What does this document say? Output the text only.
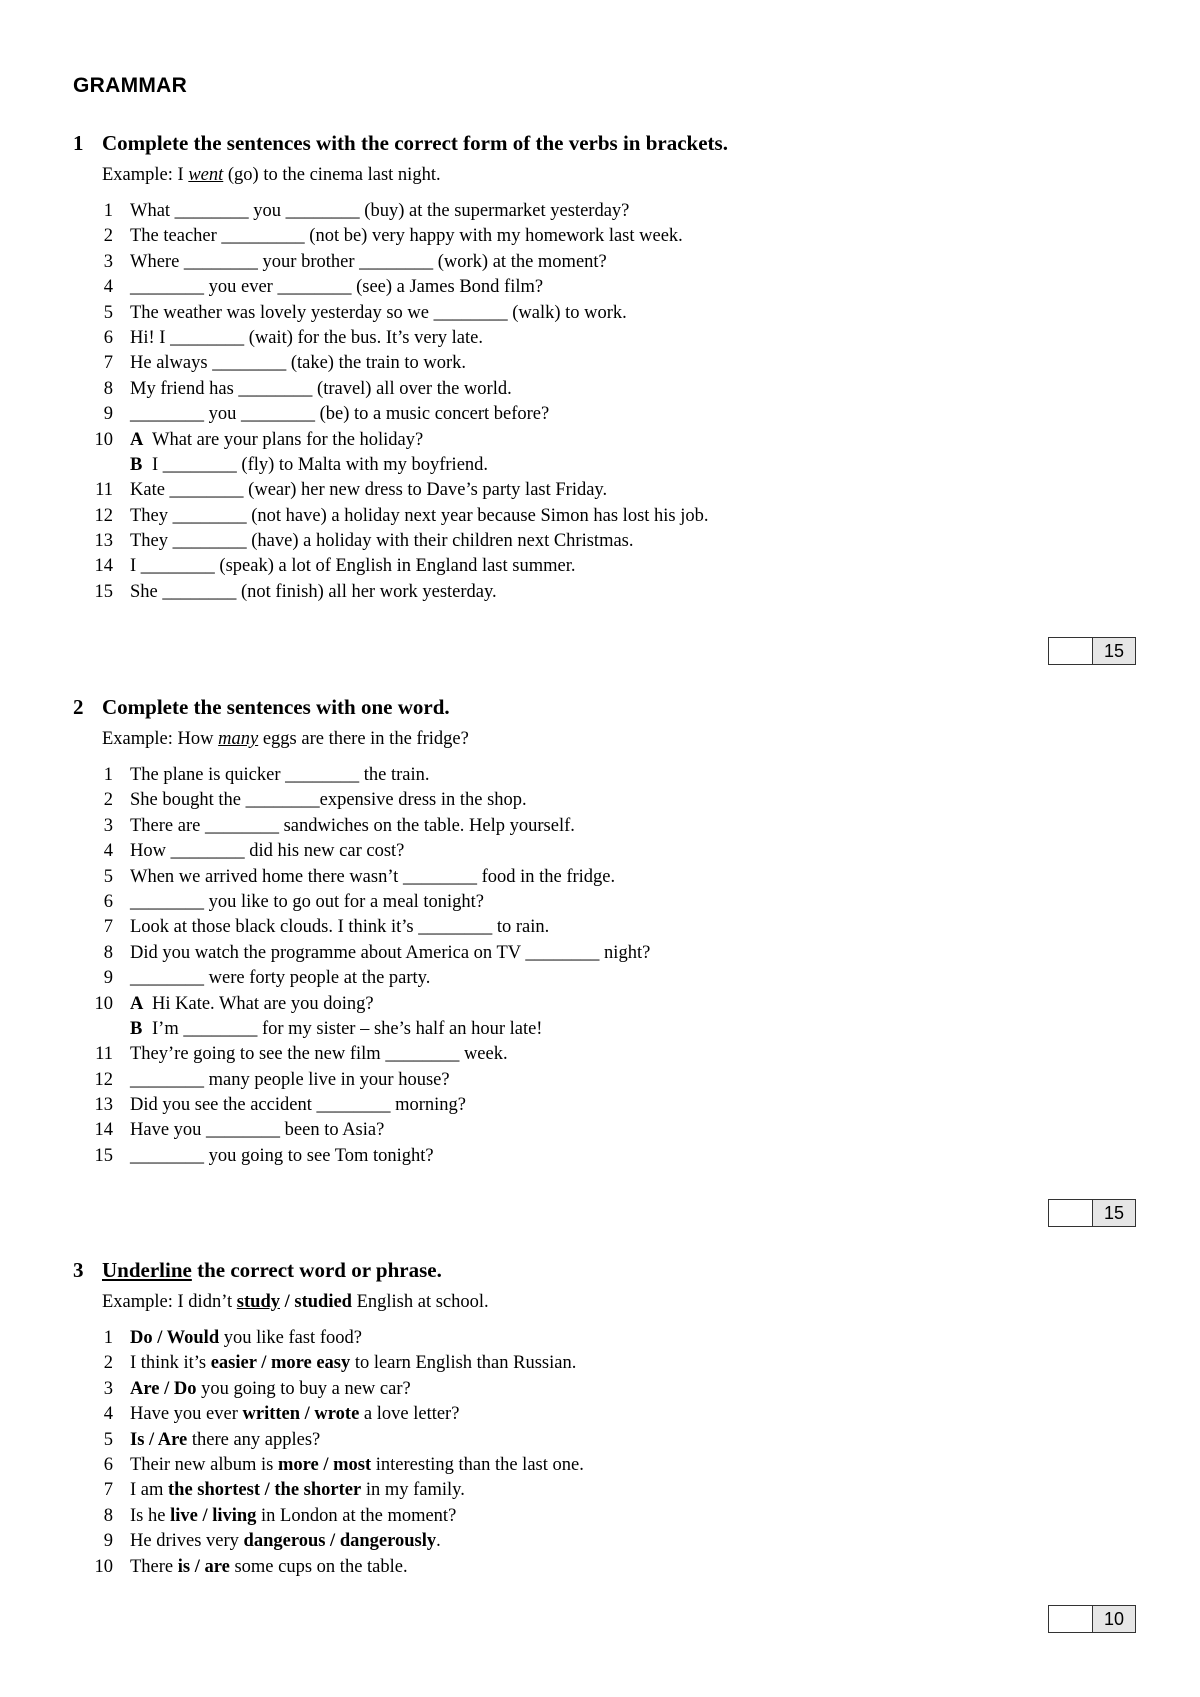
GRAMMAR
1 Complete the sentences with the correct form of the verbs in brackets.
Example: I went (go) to the cinema last night.
1 What ________ you ________ (buy) at the supermarket yesterday?
2 The teacher _________ (not be) very happy with my homework last week.
3 Where ________ your brother ________ (work) at the moment?
4 ________ you ever ________ (see) a James Bond film?
5 The weather was lovely yesterday so we ________ (walk) to work.
6 Hi! I ________ (wait) for the bus. It’s very late.
7 He always ________ (take) the train to work.
8 My friend has ________ (travel) all over the world.
9 ________ you ________ (be) to a music concert before?
10 A What are your plans for the holiday?
B I ________ (fly) to Malta with my boyfriend.
11 Kate ________ (wear) her new dress to Dave’s party last Friday.
12 They ________ (not have) a holiday next year because Simon has lost his job.
13 They ________ (have) a holiday with their children next Christmas.
14 I ________ (speak) a lot of English in England last summer.
15 She ________ (not finish) all her work yesterday.
15
2 Complete the sentences with one word.
Example: How many eggs are there in the fridge?
1 The plane is quicker ________ the train.
2 She bought the ________expensive dress in the shop.
3 There are ________ sandwiches on the table. Help yourself.
4 How ________ did his new car cost?
5 When we arrived home there wasn’t ________ food in the fridge.
6 ________ you like to go out for a meal tonight?
7 Look at those black clouds. I think it’s ________ to rain.
8 Did you watch the programme about America on TV ________ night?
9 ________ were forty people at the party.
10 A Hi Kate. What are you doing?
B I’m ________ for my sister – she’s half an hour late!
11 They’re going to see the new film ________ week.
12 ________ many people live in your house?
13 Did you see the accident ________ morning?
14 Have you ________ been to Asia?
15 ________ you going to see Tom tonight?
15
3 Underline the correct word or phrase.
Example: I didn’t study / studied English at school.
1 Do / Would you like fast food?
2 I think it’s easier / more easy to learn English than Russian.
3 Are / Do you going to buy a new car?
4 Have you ever written / wrote a love letter?
5 Is / Are there any apples?
6 Their new album is more / most interesting than the last one.
7 I am the shortest / the shorter in my family.
8 Is he live / living in London at the moment?
9 He drives very dangerous / dangerously.
10 There is / are some cups on the table.
10
